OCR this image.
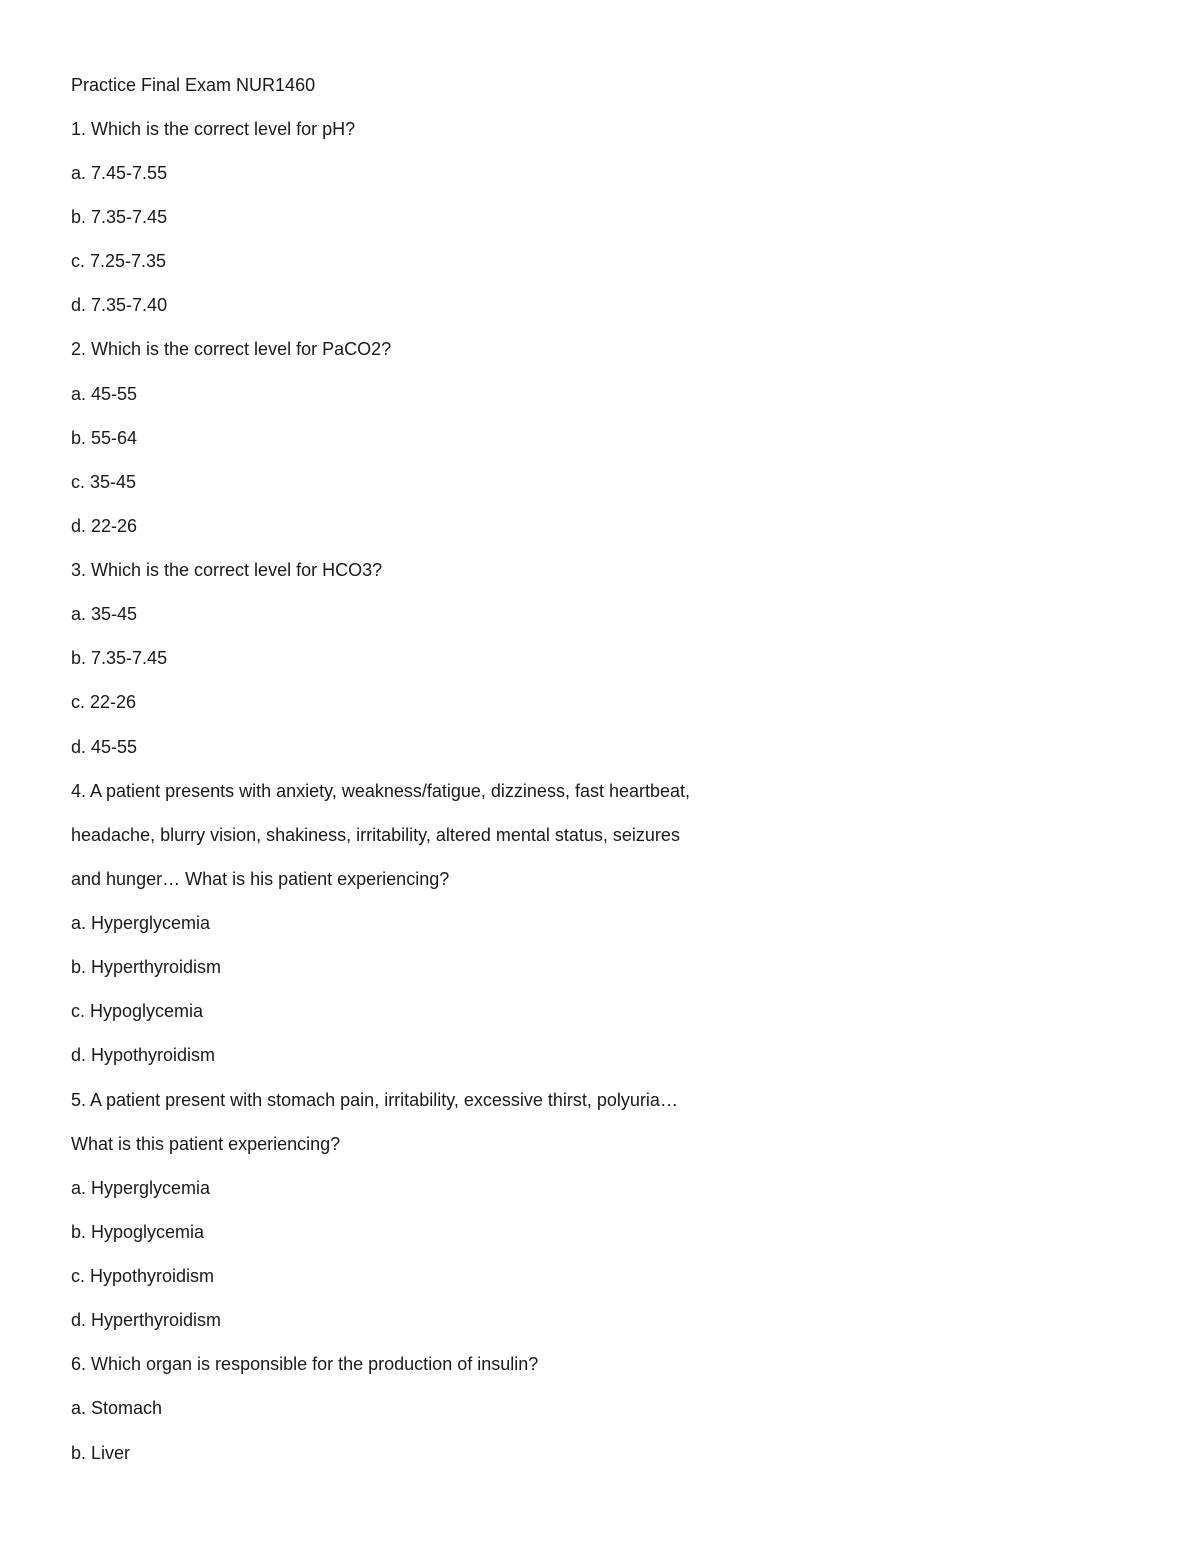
Practice Final Exam NUR1460
1. Which is the correct level for pH?
a. 7.45-7.55
b. 7.35-7.45
c. 7.25-7.35
d. 7.35-7.40
2. Which is the correct level for PaCO2?
a. 45-55
b. 55-64
c. 35-45
d. 22-26
3. Which is the correct level for HCO3?
a. 35-45
b. 7.35-7.45
c. 22-26
d. 45-55
4. A patient presents with anxiety, weakness/fatigue, dizziness, fast heartbeat,
headache, blurry vision, shakiness, irritability, altered mental status, seizures
and hunger… What is his patient experiencing?
a. Hyperglycemia
b. Hyperthyroidism
c. Hypoglycemia
d. Hypothyroidism
5. A patient present with stomach pain, irritability, excessive thirst, polyuria…
What is this patient experiencing?
a. Hyperglycemia
b. Hypoglycemia
c. Hypothyroidism
d. Hyperthyroidism
6. Which organ is responsible for the production of insulin?
a. Stomach
b. Liver
